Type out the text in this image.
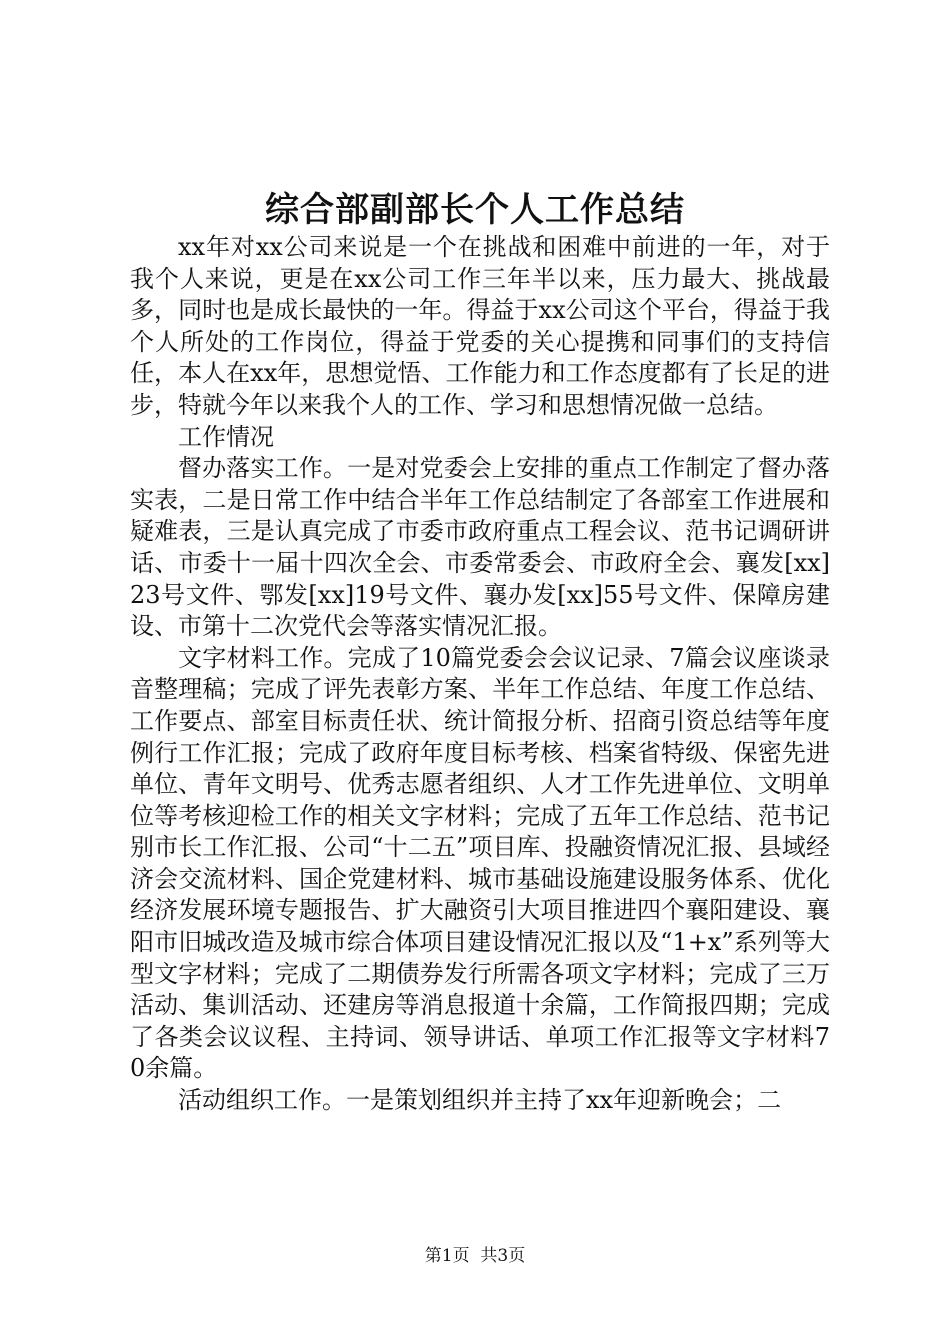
综合部副部长个人工作总结

xx年对xx公司来说是一个在挑战和困难中前进的一年，对于我个人来说，更是在xx公司工作三年半以来，压力最大、挑战最多，同时也是成长最快的一年。得益于xx公司这个平台，得益于我个人所处的工作岗位，得益于党委的关心提携和同事们的支持信任，本人在xx年，思想觉悟、工作能力和工作态度都有了长足的进步，特就今年以来我个人的工作、学习和思想情况做一总结。

工作情况

督办落实工作。一是对党委会上安排的重点工作制定了督办落实表，二是日常工作中结合半年工作总结制定了各部室工作进展和疑难表，三是认真完成了市委市政府重点工程会议、范书记调研讲话、市委十一届十四次全会、市委常委会、市政府全会、襄发[xx]23号文件、鄂发[xx]19号文件、襄办发[xx]55号文件、保障房建设、市第十二次党代会等落实情况汇报。

文字材料工作。完成了10篇党委会会议记录、7篇会议座谈录音整理稿；完成了评先表彰方案、半年工作总结、年度工作总结、工作要点、部室目标责任状、统计简报分析、招商引资总结等年度例行工作汇报；完成了政府年度目标考核、档案省特级、保密先进单位、青年文明号、优秀志愿者组织、人才工作先进单位、文明单位等考核迎检工作的相关文字材料；完成了五年工作总结、范书记别市长工作汇报、公司“十二五”项目库、投融资情况汇报、县域经济会交流材料、国企党建材料、城市基础设施建设服务体系、优化经济发展环境专题报告、扩大融资引大项目推进四个襄阳建设、襄阳市旧城改造及城市综合体项目建设情况汇报以及“1+x”系列等大型文字材料；完成了二期债券发行所需各项文字材料；完成了三万活动、集训活动、还建房等消息报道十余篇，工作简报四期；完成了各类会议议程、主持词、领导讲话、单项工作汇报等文字材料70余篇。

活动组织工作。一是策划组织并主持了xx年迎新晚会；二

第1页 共3页
